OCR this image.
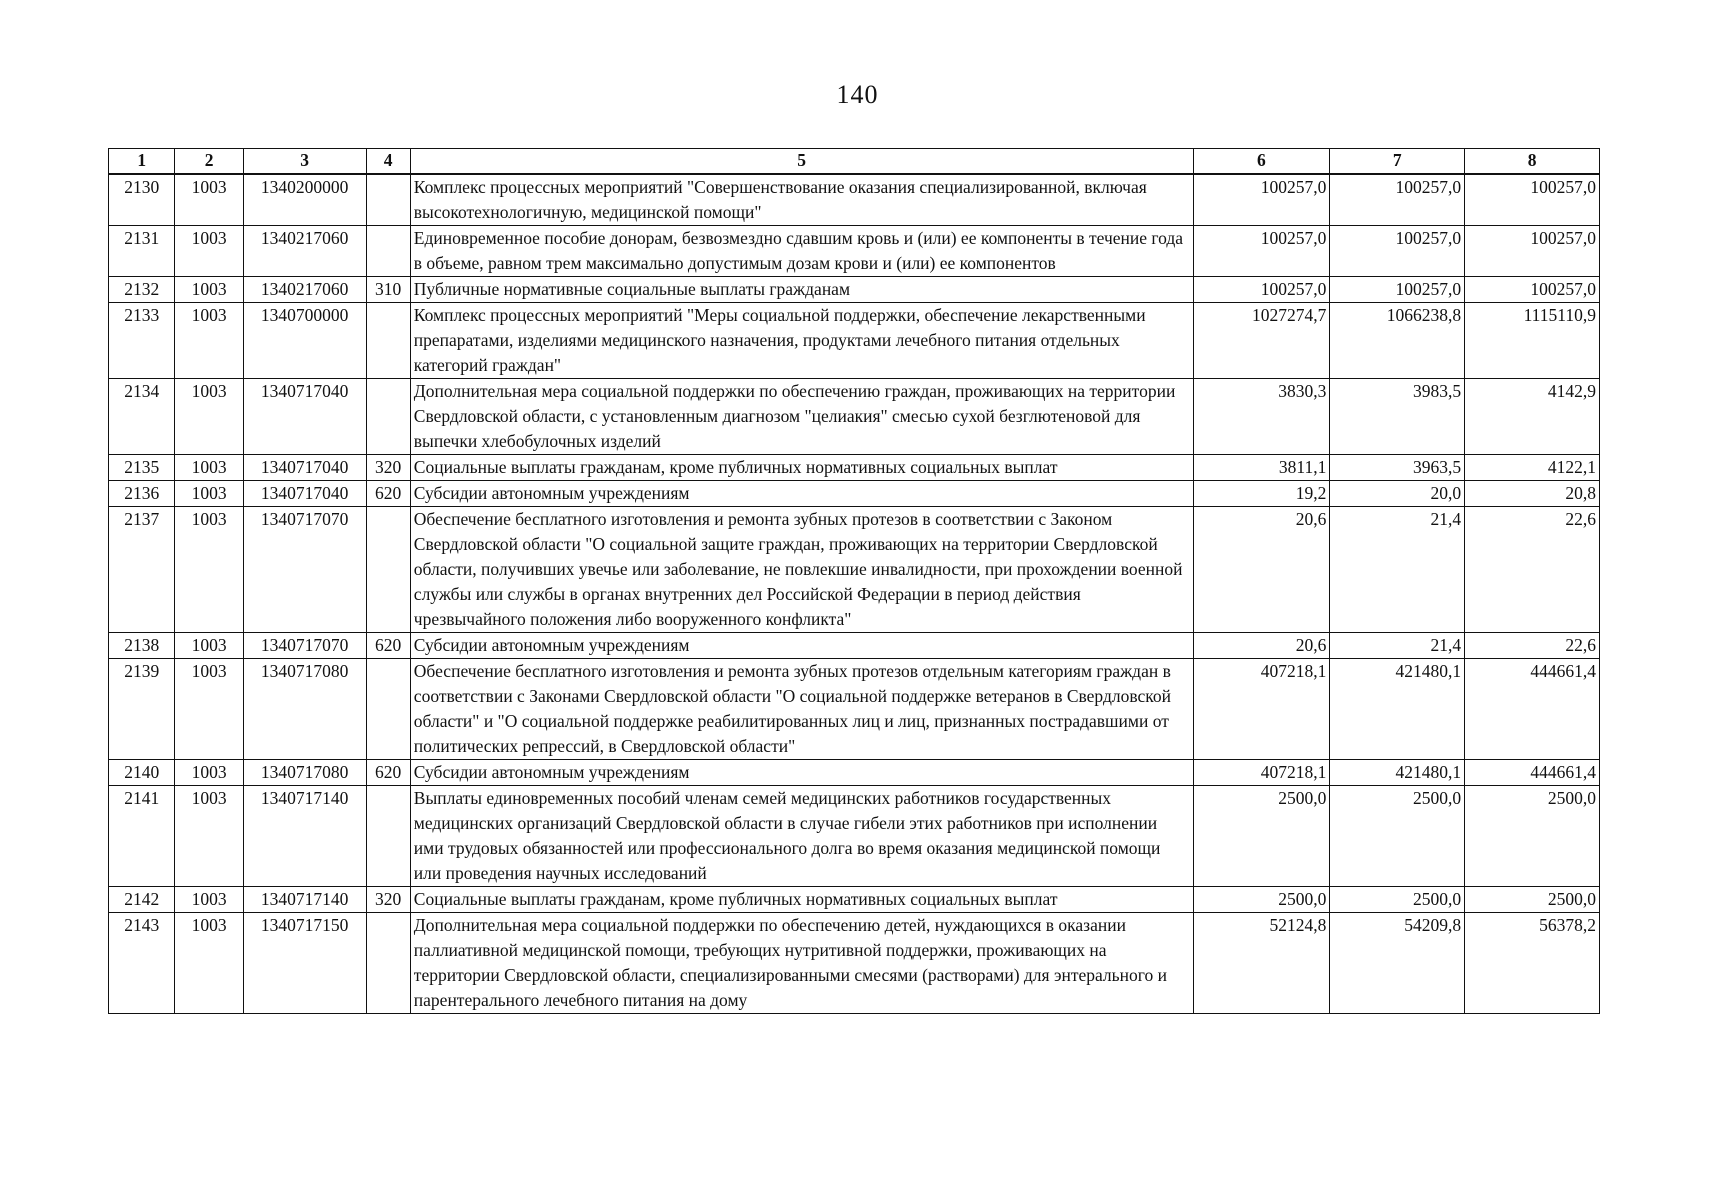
140
1	2	3	4	5	6	7	8
2130	1003	1340200000		Комплекс процессных мероприятий "Совершенствование оказания специализированной, включая высокотехнологичную, медицинской помощи"	100257,0	100257,0	100257,0
2131	1003	1340217060		Единовременное пособие донорам, безвозмездно сдавшим кровь и (или) ее компоненты в течение года в объеме, равном трем максимально допустимым дозам крови и (или) ее компонентов	100257,0	100257,0	100257,0
2132	1003	1340217060	310	Публичные нормативные социальные выплаты гражданам	100257,0	100257,0	100257,0
2133	1003	1340700000		Комплекс процессных мероприятий "Меры социальной поддержки, обеспечение лекарственными препаратами, изделиями медицинского назначения, продуктами лечебного питания отдельных категорий граждан"	1027274,7	1066238,8	1115110,9
2134	1003	1340717040		Дополнительная мера социальной поддержки по обеспечению граждан, проживающих на территории Свердловской области, с установленным диагнозом "целиакия" смесью сухой безглютеновой для выпечки хлебобулочных изделий	3830,3	3983,5	4142,9
2135	1003	1340717040	320	Социальные выплаты гражданам, кроме публичных нормативных социальных выплат	3811,1	3963,5	4122,1
2136	1003	1340717040	620	Субсидии автономным учреждениям	19,2	20,0	20,8
2137	1003	1340717070		Обеспечение бесплатного изготовления и ремонта зубных протезов в соответствии с Законом Свердловской области "О социальной защите граждан, проживающих на территории Свердловской области, получивших увечье или заболевание, не повлекшие инвалидности, при прохождении военной службы или службы в органах внутренних дел Российской Федерации в период действия чрезвычайного положения либо вооруженного конфликта"	20,6	21,4	22,6
2138	1003	1340717070	620	Субсидии автономным учреждениям	20,6	21,4	22,6
2139	1003	1340717080		Обеспечение бесплатного изготовления и ремонта зубных протезов отдельным категориям граждан в соответствии с Законами Свердловской области "О социальной поддержке ветеранов в Свердловской области" и "О социальной поддержке реабилитированных лиц и лиц, признанных пострадавшими от политических репрессий, в Свердловской области"	407218,1	421480,1	444661,4
2140	1003	1340717080	620	Субсидии автономным учреждениям	407218,1	421480,1	444661,4
2141	1003	1340717140		Выплаты единовременных пособий членам семей медицинских работников государственных медицинских организаций Свердловской области в случае гибели этих работников при исполнении ими трудовых обязанностей или профессионального долга во время оказания медицинской помощи или проведения научных исследований	2500,0	2500,0	2500,0
2142	1003	1340717140	320	Социальные выплаты гражданам, кроме публичных нормативных социальных выплат	2500,0	2500,0	2500,0
2143	1003	1340717150		Дополнительная мера социальной поддержки по обеспечению детей, нуждающихся в оказании паллиативной медицинской помощи, требующих нутритивной поддержки, проживающих на территории Свердловской области, специализированными смесями (растворами) для энтерального и парентерального лечебного питания на дому	52124,8	54209,8	56378,2
